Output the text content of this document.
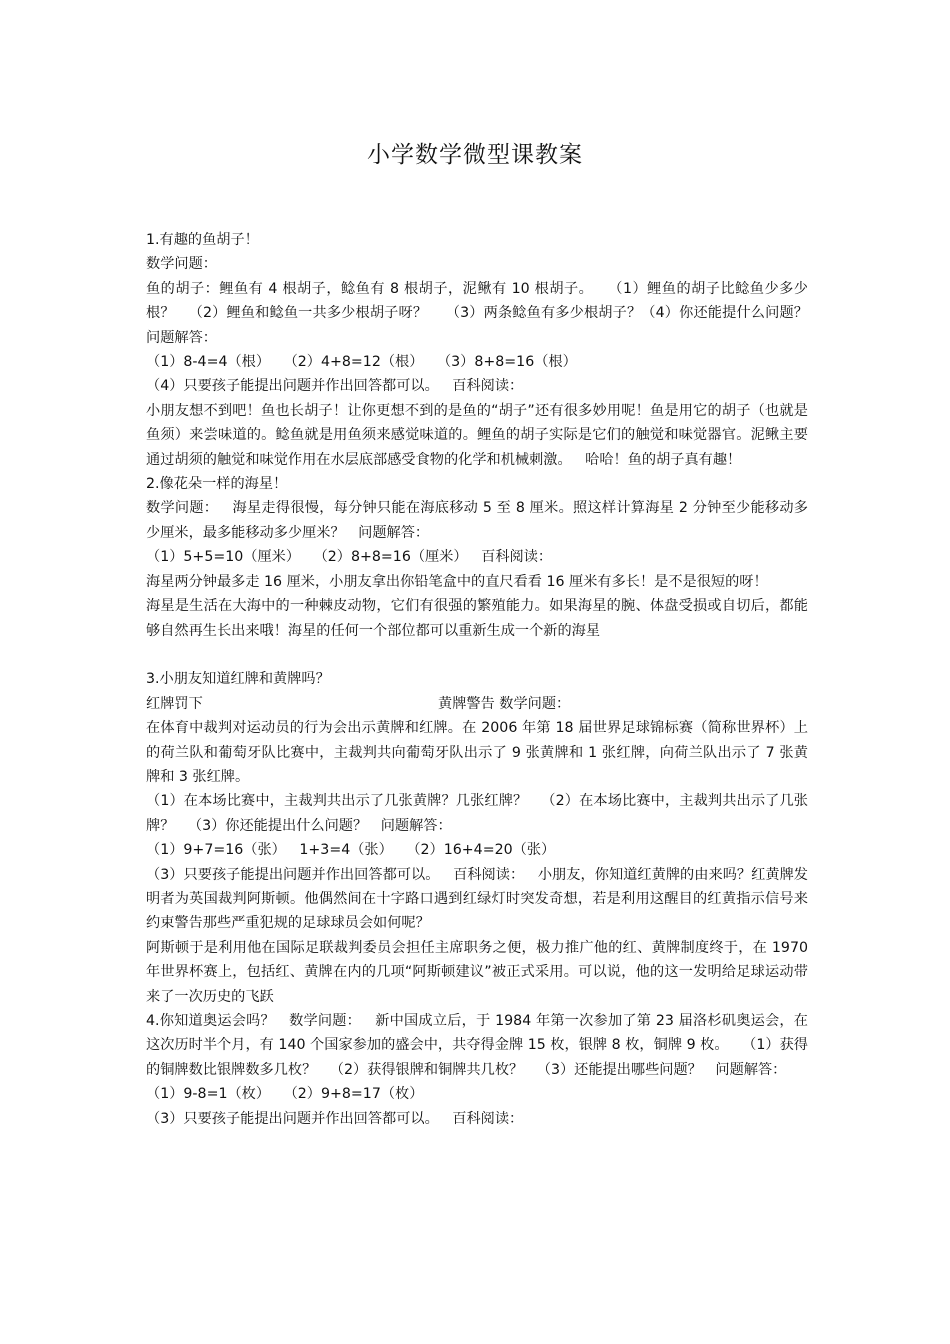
小学数学微型课教案

1.有趣的鱼胡子！

数学问题：

鱼的胡子：鲤鱼有 4 根胡子，鲶鱼有 8 根胡子，泥鳅有 10 根胡子。   （1）鲤鱼的胡子比鲶鱼少多少根？   （2）鲤鱼和鲶鱼一共多少根胡子呀？    （3）两条鲶鱼有多少根胡子？（4）你还能提什么问题？   问题解答：

（1）8-4=4（根）   （2）4+8=12（根）   （3）8+8=16（根）

（4）只要孩子能提出问题并作出回答都可以。   百科阅读：

小朋友想不到吧！鱼也长胡子！让你更想不到的是鱼的“胡子”还有很多妙用呢！鱼是用它的胡子（也就是鱼须）来尝味道的。鲶鱼就是用鱼须来感觉味道的。鲤鱼的胡子实际是它们的触觉和味觉器官。泥鳅主要通过胡须的触觉和味觉作用在水层底部感受食物的化学和机械刺激。   哈哈！鱼的胡子真有趣！

2.像花朵一样的海星！

数学问题：   海星走得很慢，每分钟只能在海底移动 5 至 8 厘米。照这样计算海星 2 分钟至少能移动多少厘米，最多能移动多少厘米？   问题解答：

（1）5+5=10（厘米）   （2）8+8=16（厘米）   百科阅读：

海星两分钟最多走 16 厘米，小朋友拿出你铅笔盒中的直尺看看 16 厘米有多长！是不是很短的呀！

海星是生活在大海中的一种棘皮动物，它们有很强的繁殖能力。如果海星的腕、体盘受损或自切后，都能够自然再生长出来哦！海星的任何一个部位都可以重新生成一个新的海星

3.小朋友知道红牌和黄牌吗？

红牌罚下	黄牌警告 数学问题：

在体育中裁判对运动员的行为会出示黄牌和红牌。在 2006 年第 18 届世界足球锦标赛（简称世界杯）上的荷兰队和葡萄牙队比赛中，主裁判共向葡萄牙队出示了 9 张黄牌和 1 张红牌，向荷兰队出示了 7 张黄牌和 3 张红牌。

（1）在本场比赛中，主裁判共出示了几张黄牌？几张红牌？   （2）在本场比赛中，主裁判共出示了几张牌？   （3）你还能提出什么问题？   问题解答：

（1）9+7=16（张）   1+3=4（张）   （2）16+4=20（张）

（3）只要孩子能提出问题并作出回答都可以。   百科阅读：   小朋友，你知道红黄牌的由来吗？红黄牌发明者为英国裁判阿斯顿。他偶然间在十字路口遇到红绿灯时突发奇想，若是利用这醒目的红黄指示信号来约束警告那些严重犯规的足球球员会如何呢？

阿斯顿于是利用他在国际足联裁判委员会担任主席职务之便，极力推广他的红、黄牌制度终于，在 1970 年世界杯赛上，包括红、黄牌在内的几项“阿斯顿建议”被正式采用。可以说，他的这一发明给足球运动带来了一次历史的飞跃

4.你知道奥运会吗？   数学问题：   新中国成立后，于 1984 年第一次参加了第 23 届洛杉矶奥运会，在这次历时半个月，有 140 个国家参加的盛会中，共夺得金牌 15 枚，银牌 8 枚，铜牌 9 枚。   （1）获得的铜牌数比银牌数多几枚？   （2）获得银牌和铜牌共几枚？   （3）还能提出哪些问题？   问题解答：

（1）9-8=1（枚）   （2）9+8=17（枚）

（3）只要孩子能提出问题并作出回答都可以。   百科阅读：
